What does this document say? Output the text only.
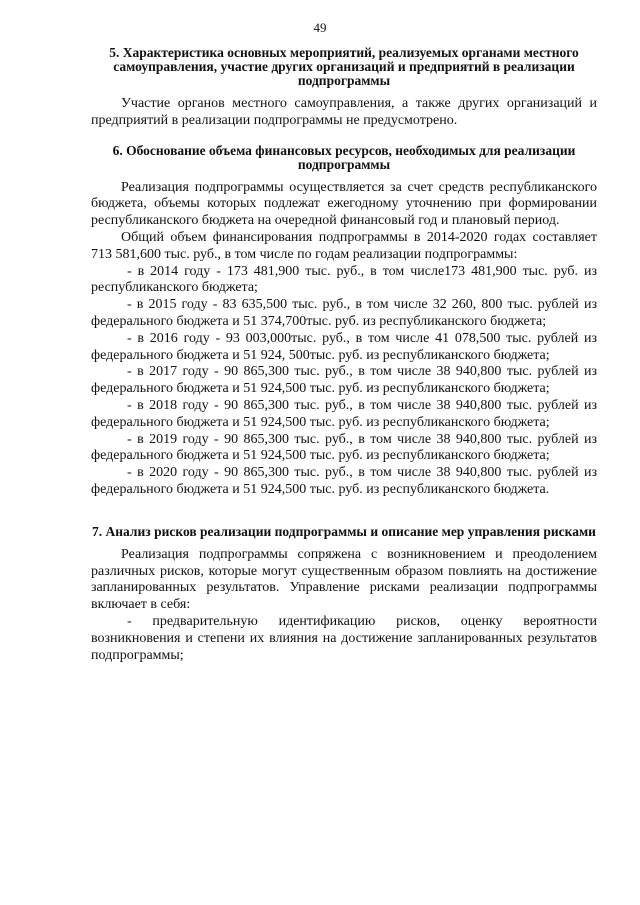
49

5. Характеристика основных мероприятий, реализуемых органами местного самоуправления, участие других организаций и предприятий в реализации подпрограммы

Участие органов местного самоуправления, а также других организаций и предприятий в реализации подпрограммы не предусмотрено.

6. Обоснование объема финансовых ресурсов, необходимых для реализации подпрограммы

Реализация подпрограммы осуществляется за счет средств республиканского бюджета, объемы которых подлежат ежегодному уточнению при формировании республиканского бюджета на очередной финансовый год и плановый период.

Общий объем финансирования подпрограммы в 2014-2020 годах составляет 713 581,600 тыс. руб., в том числе по годам реализации подпрограммы:

- в 2014 году - 173 481,900 тыс. руб., в том числе173 481,900 тыс. руб. из республиканского бюджета;

- в 2015 году - 83 635,500 тыс. руб., в том числе 32 260, 800 тыс. рублей из федерального бюджета и 51 374,700тыс. руб. из республиканского бюджета;

- в 2016 году - 93 003,000тыс. руб., в том числе 41 078,500 тыс. рублей из федерального бюджета и 51 924, 500тыс. руб. из республиканского бюджета;

- в 2017 году - 90 865,300 тыс. руб., в том числе 38 940,800 тыс. рублей из федерального бюджета и 51 924,500 тыс. руб. из республиканского бюджета;

- в 2018 году - 90 865,300 тыс. руб., в том числе 38 940,800 тыс. рублей из федерального бюджета и 51 924,500 тыс. руб. из республиканского бюджета;

- в 2019 году - 90 865,300 тыс. руб., в том числе 38 940,800 тыс. рублей из федерального бюджета и 51 924,500 тыс. руб. из республиканского бюджета;

- в 2020 году - 90 865,300 тыс. руб., в том числе 38 940,800 тыс. рублей из федерального бюджета и 51 924,500 тыс. руб. из республиканского бюджета.

7. Анализ рисков реализации подпрограммы и описание мер управления рисками

Реализация подпрограммы сопряжена с возникновением и преодолением различных рисков, которые могут существенным образом повлиять на достижение запланированных результатов. Управление рисками реализации подпрограммы включает в себя:

- предварительную идентификацию рисков, оценку вероятности возникновения и степени их влияния на достижение запланированных результатов подпрограммы;
